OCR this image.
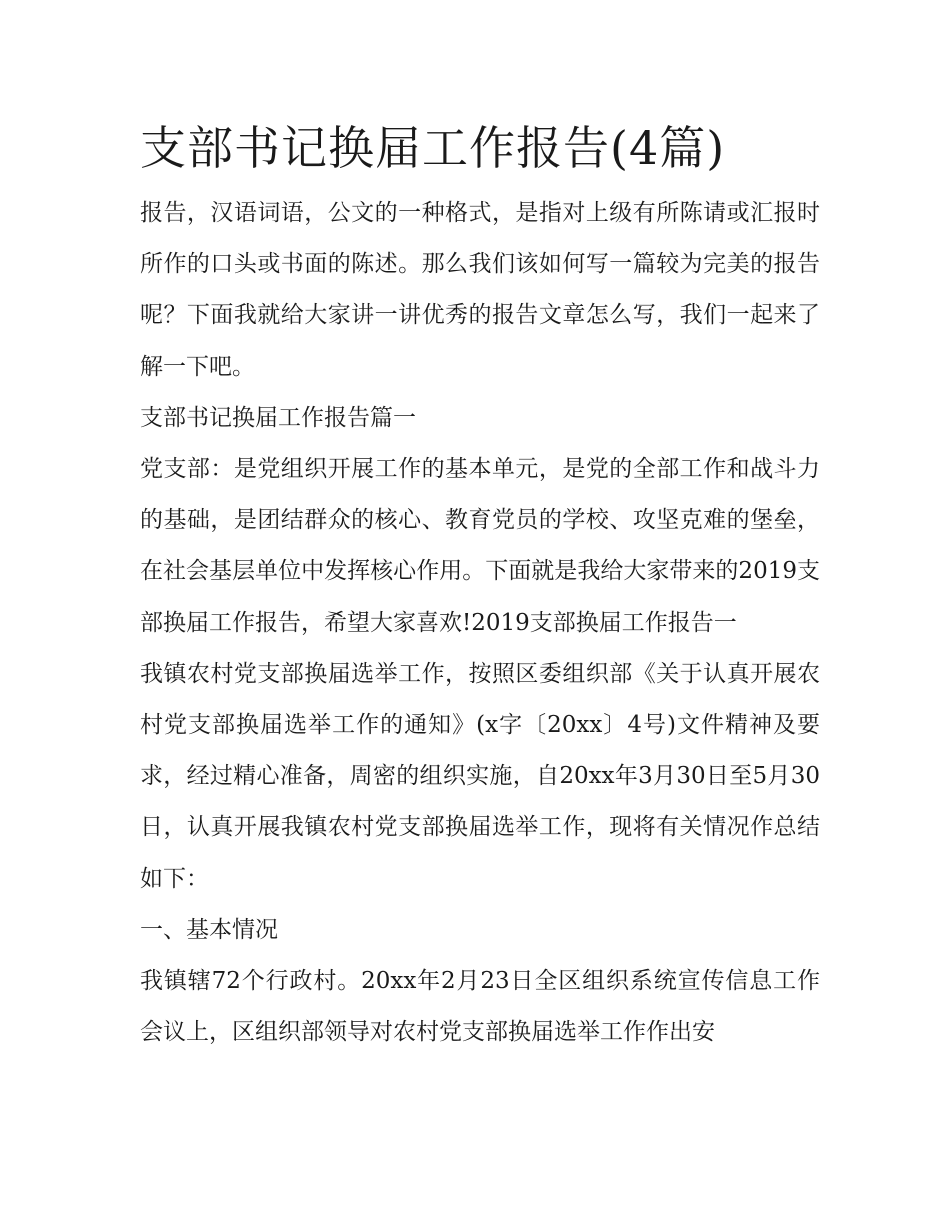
支部书记换届工作报告(4篇)

报告，汉语词语，公文的一种格式，是指对上级有所陈请或汇报时所作的口头或书面的陈述。那么我们该如何写一篇较为完美的报告呢？下面我就给大家讲一讲优秀的报告文章怎么写，我们一起来了解一下吧。

支部书记换届工作报告篇一

党支部：是党组织开展工作的基本单元，是党的全部工作和战斗力的基础，是团结群众的核心、教育党员的学校、攻坚克难的堡垒，在社会基层单位中发挥核心作用。下面就是我给大家带来的2019支部换届工作报告，希望大家喜欢!2019支部换届工作报告一

我镇农村党支部换届选举工作，按照区委组织部《关于认真开展农村党支部换届选举工作的通知》(x字〔20xx〕4号)文件精神及要求，经过精心准备，周密的组织实施，自20xx年3月30日至5月30日，认真开展我镇农村党支部换届选举工作，现将有关情况作总结如下：

一、基本情况

我镇辖72个行政村。20xx年2月23日全区组织系统宣传信息工作会议上，区组织部领导对农村党支部换届选举工作作出安
